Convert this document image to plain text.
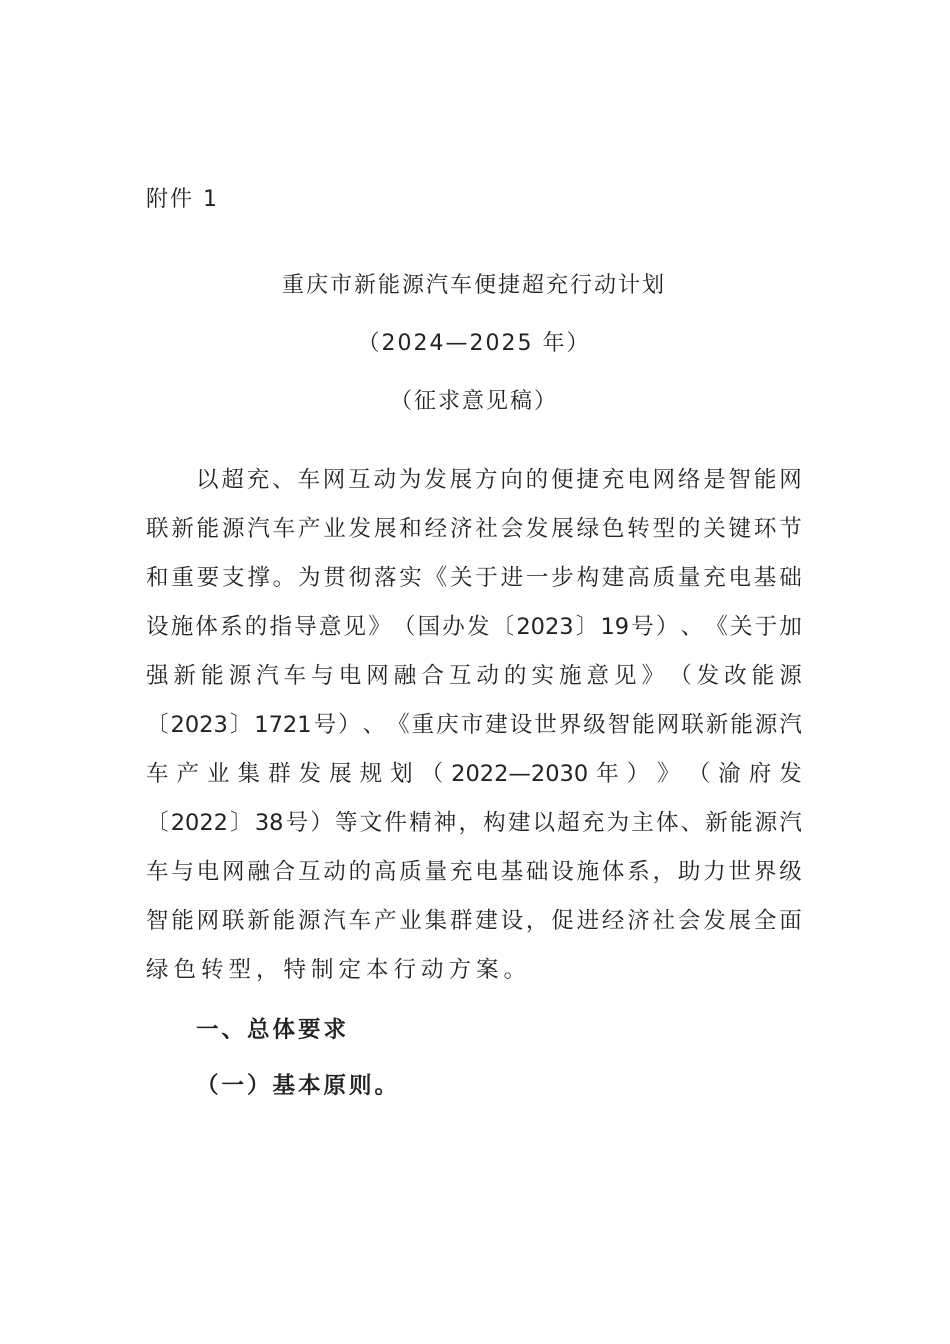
附件 1
重庆市新能源汽车便捷超充行动计划
（2024—2025 年）
（征求意见稿）
以 超 充 、 车 网 互 动 为 发 展 方 向 的 便 捷 充 电 网 络 是 智 能 网
联 新 能 源 汽 车 产 业 发 展 和 经 济 社 会 发 展 绿 色 转 型 的 关 键 环 节
和 重 要 支 撑 。 为 贯 彻 落 实 《 关 于 进 一 步 构 建 高 质 量 充 电 基 础
设 施 体 系 的 指 导 意 见 》 （ 国 办 发 〔 2023 〕 19 号 ） 、 《 关 于 加
强 新 能 源 汽 车 与 电 网 融 合 互 动 的 实 施 意 见 》 （ 发 改 能 源
〔 2023 〕 1721 号 ） 、 《 重 庆 市 建 设 世 界 级 智 能 网 联 新 能 源 汽
车 产 业 集 群 发 展 规 划 （ 2022—2030 年 ） 》 （ 渝 府 发
〔 2022 〕 38 号 ） 等 文 件 精 神 ， 构 建 以 超 充 为 主 体 、 新 能 源 汽
车 与 电 网 融 合 互 动 的 高 质 量 充 电 基 础 设 施 体 系 ， 助 力 世 界 级
智 能 网 联 新 能 源 汽 车 产 业 集 群 建 设 ， 促 进 经 济 社 会 发 展 全 面
绿色转型，特制定本行动方案。
一、总体要求
（一）基本原则。
